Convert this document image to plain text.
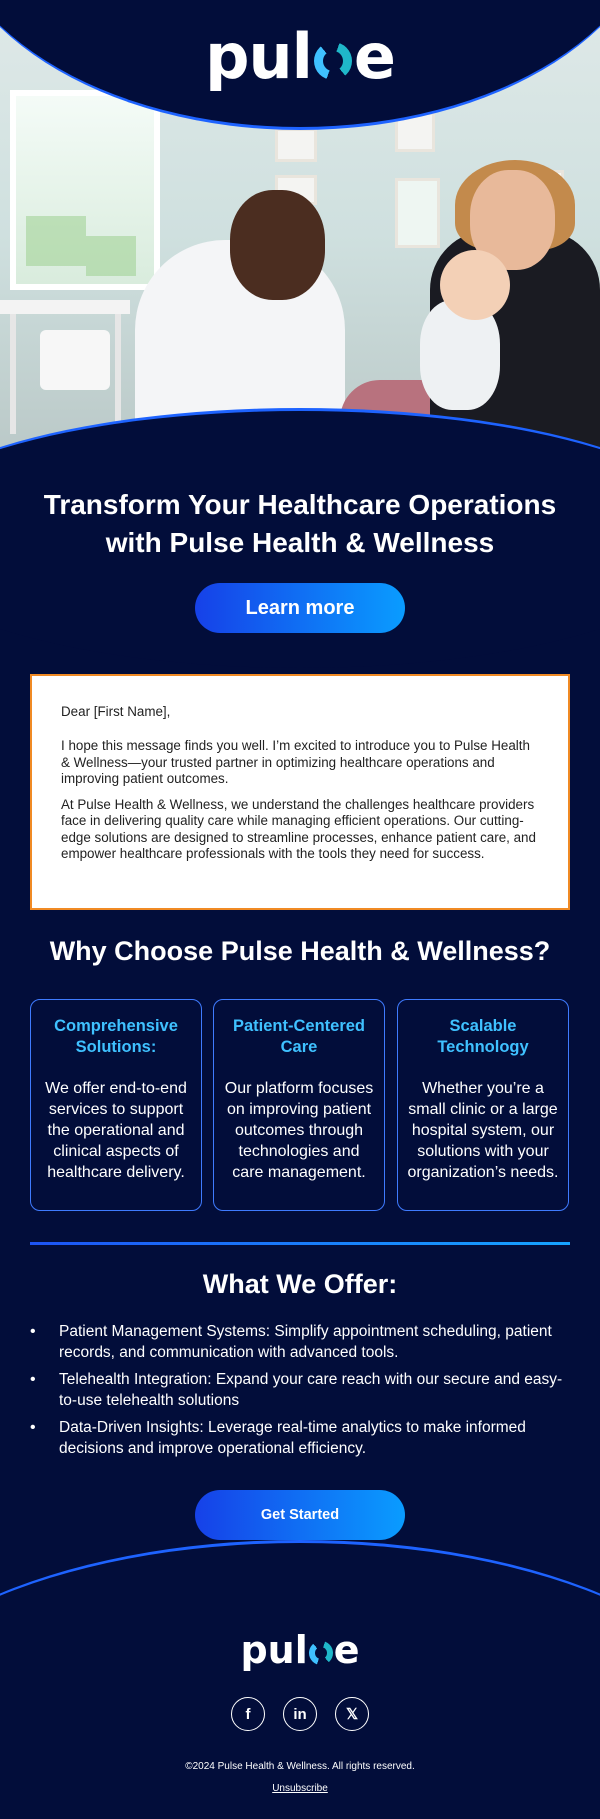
pul e
Transform Your Healthcare Operations
with Pulse Health & Wellness
Learn more

Dear [First Name],

I hope this message finds you well. I’m excited to introduce you to Pulse Health & Wellness—your trusted partner in optimizing healthcare operations and improving patient outcomes.

At Pulse Health & Wellness, we understand the challenges healthcare providers face in delivering quality care while managing efficient operations. Our cutting-edge solutions are designed to streamline processes, enhance patient care, and empower healthcare professionals with the tools they need for success.

Why Choose Pulse Health & Wellness?
Comprehensive Solutions:

We offer end-to-end services to support the operational and clinical aspects of healthcare delivery.

Patient-Centered Care

Our platform focuses on improving patient outcomes through technologies and care management.

Scalable Technology

Whether you’re a small clinic or a large hospital system, our solutions with your organization’s needs.

What We Offer:
• Patient Management Systems: Simplify appointment scheduling, patient records, and communication with advanced tools.
• Telehealth Integration: Expand your care reach with our secure and easy-to-use telehealth solutions
• Data-Driven Insights: Leverage real-time analytics to make informed decisions and improve operational efficiency.
Get Started
pul e
f	in	𝕏
©2024 Pulse Health & Wellness. All rights reserved.
Unsubscribe
